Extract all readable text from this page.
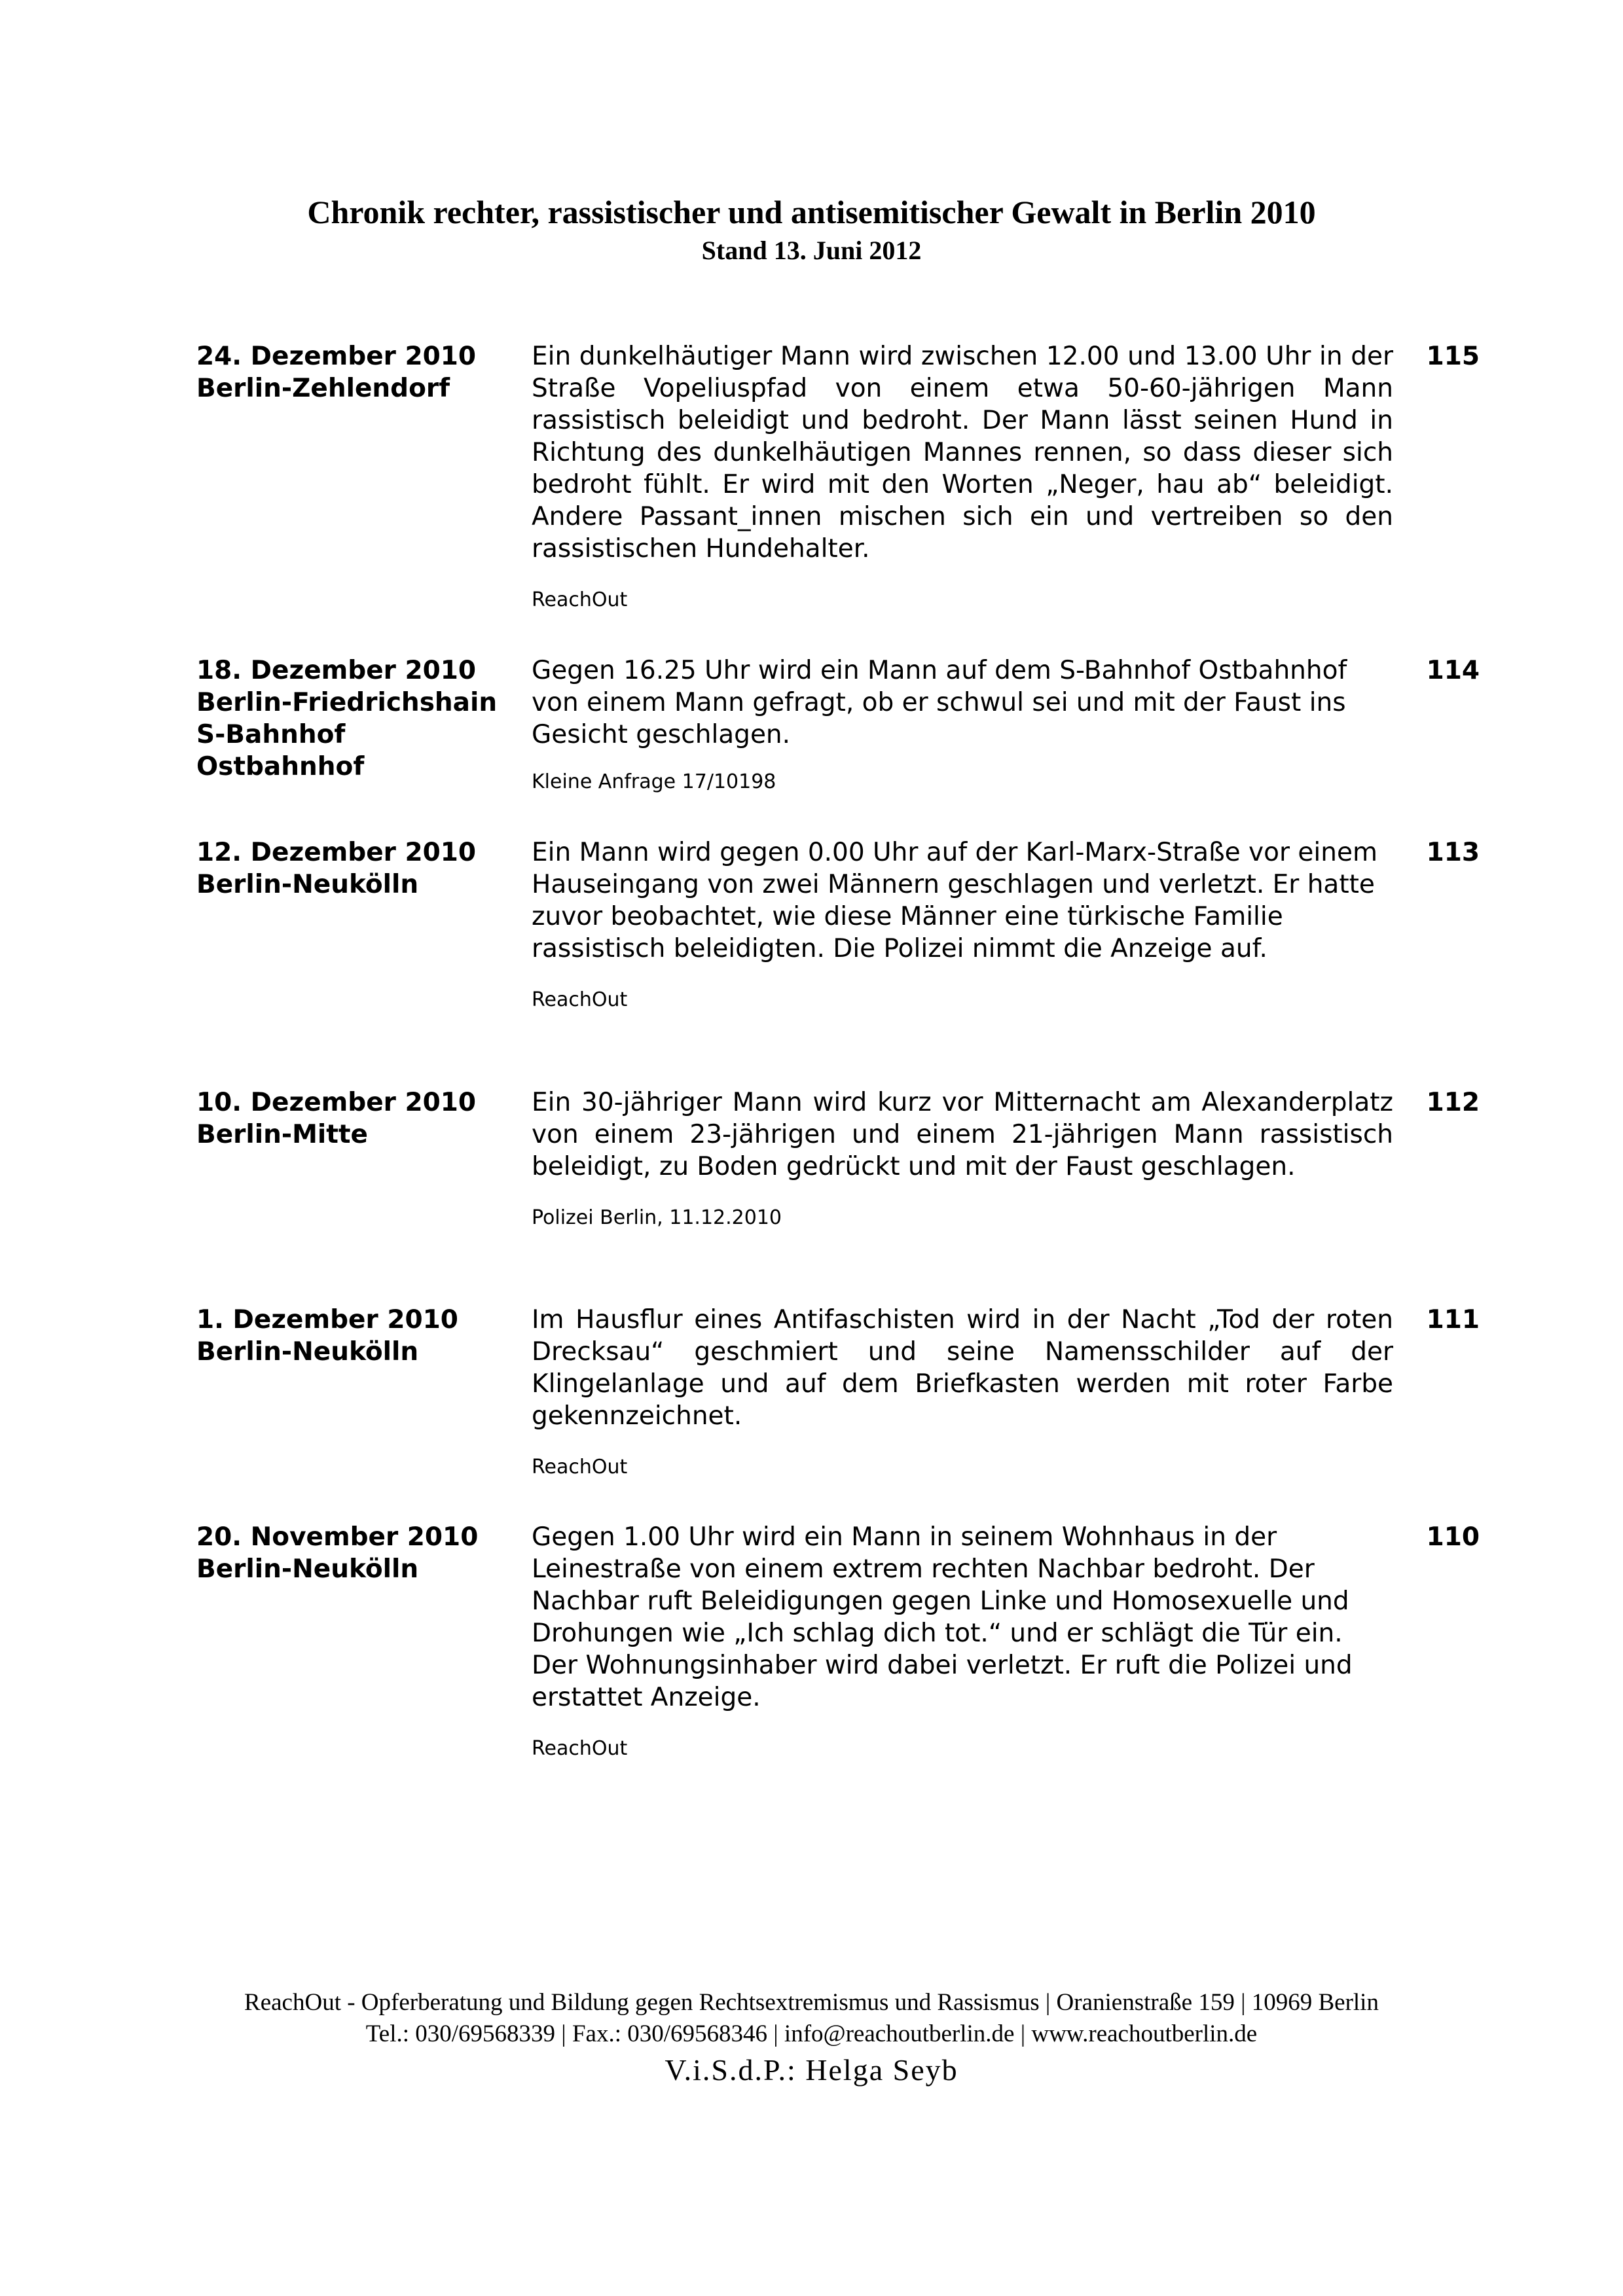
Chronik rechter, rassistischer und antisemitischer Gewalt in Berlin 2010
Stand 13. Juni 2012
24. Dezember 2010
Berlin-Zehlendorf

Ein dunkelhäutiger Mann wird zwischen 12.00 und 13.00 Uhr in der Straße Vopeliuspfad von einem etwa 50-60-jährigen Mann rassistisch beleidigt und bedroht. Der Mann lässt seinen Hund in Richtung des dunkelhäutigen Mannes rennen, so dass dieser sich bedroht fühlt. Er wird mit den Worten „Neger, hau ab“ beleidigt. Andere Passant_innen mischen sich ein und vertreiben so den rassistischen Hundehalter.

ReachOut
115
18. Dezember 2010
Berlin-Friedrichshain
S-Bahnhof
Ostbahnhof

Gegen 16.25 Uhr wird ein Mann auf dem S-Bahnhof Ostbahnhof von einem Mann gefragt, ob er schwul sei und mit der Faust ins Gesicht geschlagen.

Kleine Anfrage 17/10198
114
12. Dezember 2010
Berlin-Neukölln

Ein Mann wird gegen 0.00 Uhr auf der Karl-Marx-Straße vor einem Hauseingang von zwei Männern geschlagen und verletzt. Er hatte zuvor beobachtet, wie diese Männer eine türkische Familie rassistisch beleidigten. Die Polizei nimmt die Anzeige auf.

ReachOut
113
10. Dezember 2010
Berlin-Mitte

Ein 30-jähriger Mann wird kurz vor Mitternacht am Alexanderplatz von einem 23-jährigen und einem 21-jährigen Mann rassistisch beleidigt, zu Boden gedrückt und mit der Faust geschlagen.

Polizei Berlin, 11.12.2010
112
1. Dezember 2010
Berlin-Neukölln

Im Hausflur eines Antifaschisten wird in der Nacht „Tod der roten Drecksau“ geschmiert und seine Namensschilder auf der Klingelanlage und auf dem Briefkasten werden mit roter Farbe gekennzeichnet.

ReachOut
111
20. November 2010
Berlin-Neukölln

Gegen 1.00 Uhr wird ein Mann in seinem Wohnhaus in der Leinestraße von einem extrem rechten Nachbar bedroht. Der Nachbar ruft Beleidigungen gegen Linke und Homosexuelle und Drohungen wie „Ich schlag dich tot.“ und er schlägt die Tür ein. Der Wohnungsinhaber wird dabei verletzt. Er ruft die Polizei und erstattet Anzeige.

ReachOut
110
ReachOut - Opferberatung und Bildung gegen Rechtsextremismus und Rassismus | Oranienstraße 159 | 10969 Berlin
Tel.: 030/69568339 | Fax.: 030/69568346 | info@reachoutberlin.de | www.reachoutberlin.de
V.i.S.d.P.: Helga Seyb
